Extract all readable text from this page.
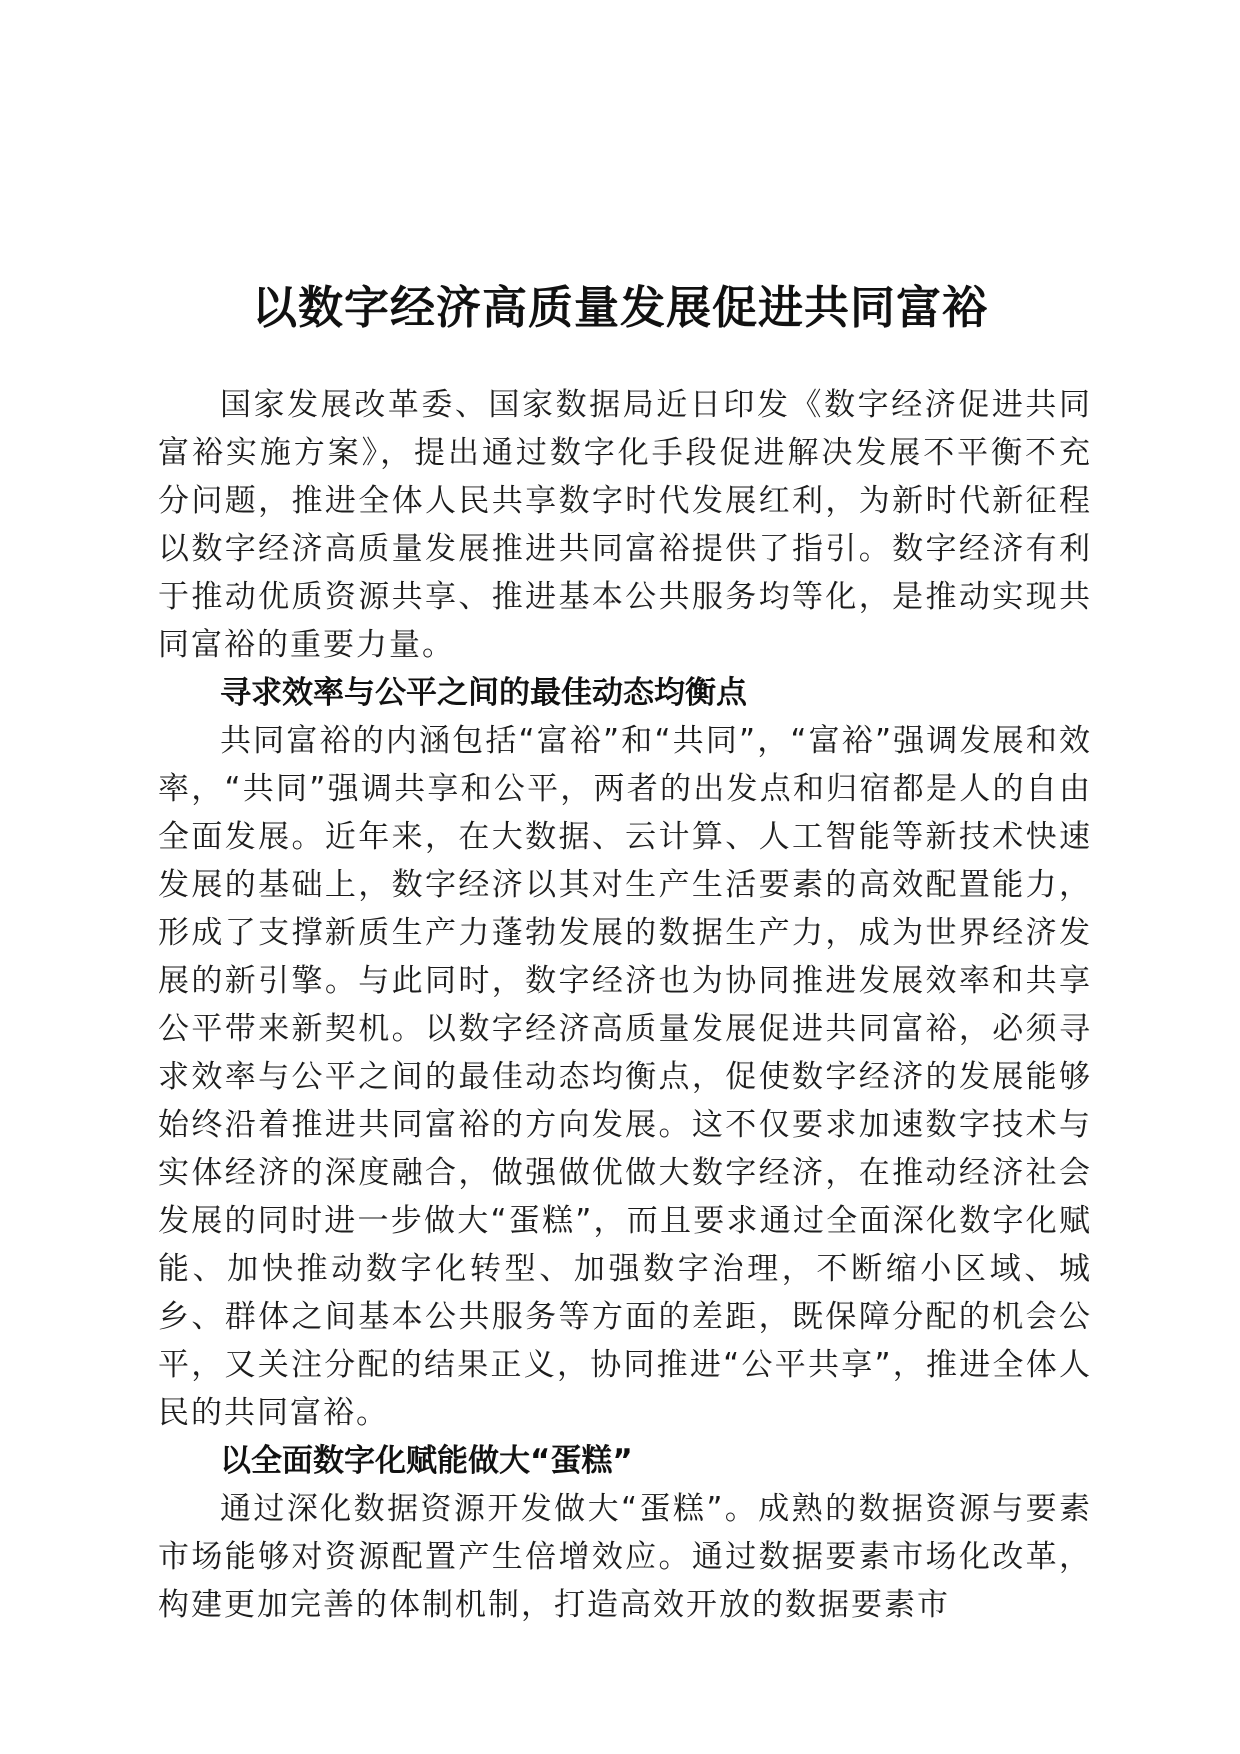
以数字经济高质量发展促进共同富裕

国家发展改革委、国家数据局近日印发《数字经济促进共同富裕实施方案》，提出通过数字化手段促进解决发展不平衡不充分问题，推进全体人民共享数字时代发展红利，为新时代新征程以数字经济高质量发展推进共同富裕提供了指引。数字经济有利于推动优质资源共享、推进基本公共服务均等化，是推动实现共同富裕的重要力量。

寻求效率与公平之间的最佳动态均衡点

共同富裕的内涵包括“富裕”和“共同”，“富裕”强调发展和效率，“共同”强调共享和公平，两者的出发点和归宿都是人的自由全面发展。近年来，在大数据、云计算、人工智能等新技术快速发展的基础上，数字经济以其对生产生活要素的高效配置能力，形成了支撑新质生产力蓬勃发展的数据生产力，成为世界经济发展的新引擎。与此同时，数字经济也为协同推进发展效率和共享公平带来新契机。以数字经济高质量发展促进共同富裕，必须寻求效率与公平之间的最佳动态均衡点，促使数字经济的发展能够始终沿着推进共同富裕的方向发展。这不仅要求加速数字技术与实体经济的深度融合，做强做优做大数字经济，在推动经济社会发展的同时进一步做大“蛋糕”，而且要求通过全面深化数字化赋能、加快推动数字化转型、加强数字治理，不断缩小区域、城乡、群体之间基本公共服务等方面的差距，既保障分配的机会公平，又关注分配的结果正义，协同推进“公平共享”，推进全体人民的共同富裕。

以全面数字化赋能做大“蛋糕”

通过深化数据资源开发做大“蛋糕”。成熟的数据资源与要素市场能够对资源配置产生倍增效应。通过数据要素市场化改革，构建更加完善的体制机制，打造高效开放的数据要素市
